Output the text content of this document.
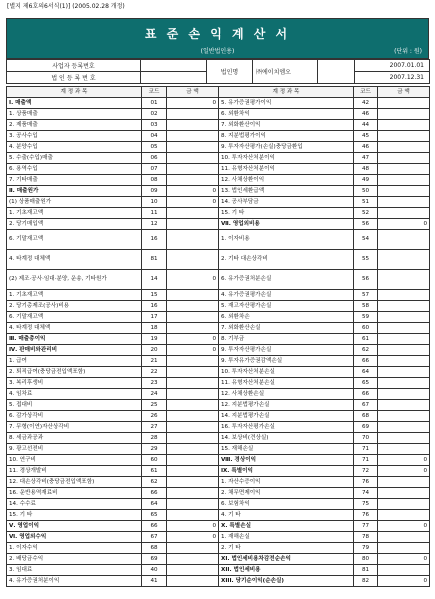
[별지 제6호의6서식(1)] (2005.02.28 개정)
표 준 손 익 계 산 서
(일반법인용)	(단위 : 원)
사업자 등록번호		법인명	㈜에이치엠오		2007.01.01
법 인 등 록 번 호					2007.12.31
계 정 과 목	코드	금 액	계 정 과 목	코드	금 액
Ⅰ. 매출액	01	0	5. 유가증권평가이익	42	
1. 상품매출	02		6. 외환차익	46	
2. 제품매출	03		7. 외화환산이익	44	
3. 공사수입	04		8. 지분법평가이익	45	
4. 분양수입	05		9. 투자자산평가(손실)충당금환입	46	
5. 수출(수입)매출	06		10. 투자자산처분이익	47	
6. 용역수입	07		11. 유형자산처분이익	48	
7. 기타매출	08		12. 사채상환이익	49	
Ⅱ. 매출원가	09	0	13. 법인세환급액	50	
(1) 상품매출원가	10	0	14. 공사부담금	51	
1. 기초재고액	11		15. 기 타	52	
2. 당기매입액	12		Ⅶ. 영업외비용	56	0
6. 기말재고액	16		1. 이자비용	54	
4. 타계정 대체액	81		2. 기타 대손상각비	55	
(2) 제조·공사·임대·분양, 운송, 기타원가	14	0	6. 유가증권처분손실	56	
1. 기초재고액	15		4. 유가증권평가손실	57	
2. 당기총제조(공사)비용	16		5. 재고자산평가손실	58	
6. 기말재고액	17		6. 외환차손	59	
4. 타계정 대체액	18		7. 외화환산손실	60	
Ⅲ. 매출총이익	19	0	8. 기부금	61	
Ⅳ. 판매비와관리비	20	0	9. 투자자산평가손실	62	
1. 급여	21		9. 투자유가증권감액손실	66	
2. 퇴직급여(충당금전입액포함)	22		10. 투자자산처분손실	64	
3. 복리후생비	23		11. 유형자산처분손실	65	
4. 임차료	24		12. 사채상환손실	66	
5. 접대비	25		12. 지분법평가손실	67	
6. 감가상각비	26		14. 지분법평가손실	68	
7. 무형(이연)자산상각비	27		16. 투자자산평가손실	69	
8. 세금과공과	28		14. 보상비(견상실)	70	
9. 광고선전비	29		15. 재해손실	71	
10. 연구비	60		Ⅷ. 경상이익	71	0
11. 경상개발비	61		Ⅸ. 특별이익	72	0
12. 대손상각비(충당금전입액포함)	62		1. 자산수증이익	76	
16. 운반용역재료비	66		2. 채무면제이익	74	
14. 수수료	64		6. 보험차익	75	
15. 기 타	65		4. 기 타	76	
Ⅴ. 영업이익	66	0	Ⅹ. 특별손실	77	0
Ⅵ. 영업외수익	67	0	1. 재해손실	78	
1. 이자수익	68		2. 기 타	79	
2. 배당금수익	69		XI. 법인세비용차감전순손익	80	0
3. 임대료	40		XII. 법인세비용	81	
4. 유가증권처분이익	41		XIII. 당기순이익(순손실)	82	0
